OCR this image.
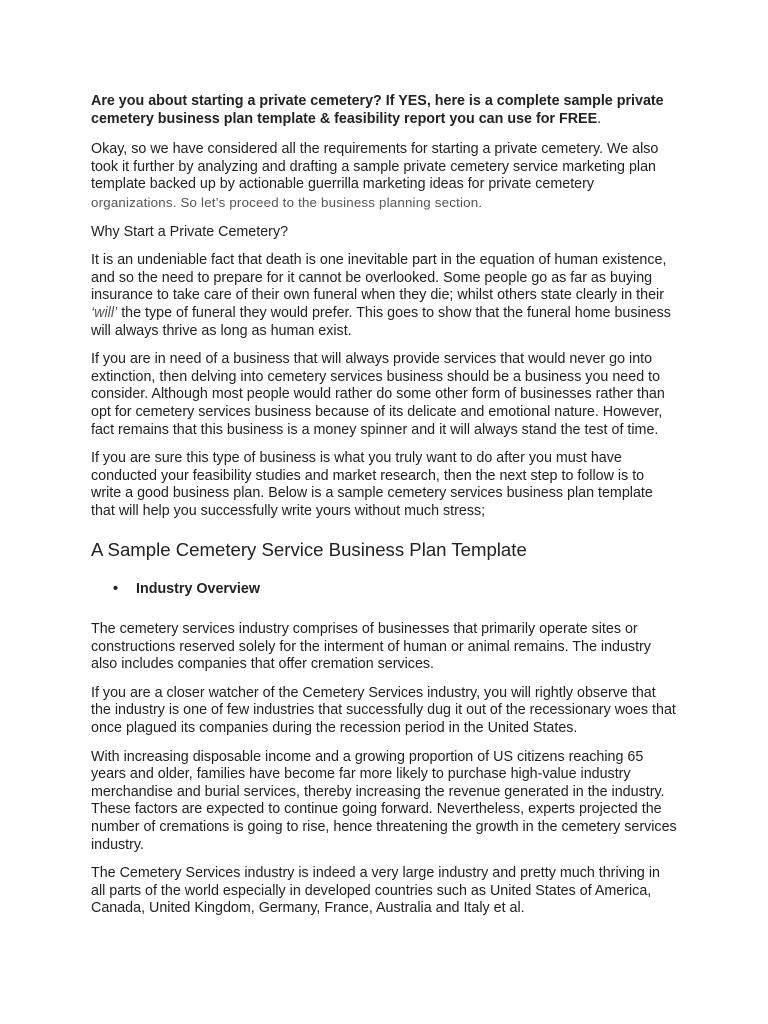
Are you about starting a private cemetery? If YES, here is a complete sample private cemetery business plan template & feasibility report you can use for FREE.

Okay, so we have considered all the requirements for starting a private cemetery. We also took it further by analyzing and drafting a sample private cemetery service marketing plan template backed up by actionable guerrilla marketing ideas for private cemetery organizations. So let’s proceed to the business planning section.

Why Start a Private Cemetery?

It is an undeniable fact that death is one inevitable part in the equation of human existence, and so the need to prepare for it cannot be overlooked. Some people go as far as buying insurance to take care of their own funeral when they die; whilst others state clearly in their ‘will’ the type of funeral they would prefer. This goes to show that the funeral home business will always thrive as long as human exist.

If you are in need of a business that will always provide services that would never go into extinction, then delving into cemetery services business should be a business you need to consider. Although most people would rather do some other form of businesses rather than opt for cemetery services business because of its delicate and emotional nature. However, fact remains that this business is a money spinner and it will always stand the test of time.

If you are sure this type of business is what you truly want to do after you must have conducted your feasibility studies and market research, then the next step to follow is to write a good business plan. Below is a sample cemetery services business plan template that will help you successfully write yours without much stress;

A Sample Cemetery Service Business Plan Template
• Industry Overview

The cemetery services industry comprises of businesses that primarily operate sites or constructions reserved solely for the interment of human or animal remains. The industry also includes companies that offer cremation services.

If you are a closer watcher of the Cemetery Services industry, you will rightly observe that the industry is one of few industries that successfully dug it out of the recessionary woes that once plagued its companies during the recession period in the United States.

With increasing disposable income and a growing proportion of US citizens reaching 65 years and older, families have become far more likely to purchase high-value industry merchandise and burial services, thereby increasing the revenue generated in the industry. These factors are expected to continue going forward. Nevertheless, experts projected the number of cremations is going to rise, hence threatening the growth in the cemetery services industry.

The Cemetery Services industry is indeed a very large industry and pretty much thriving in all parts of the world especially in developed countries such as United States of America, Canada, United Kingdom, Germany, France, Australia and Italy et al.
